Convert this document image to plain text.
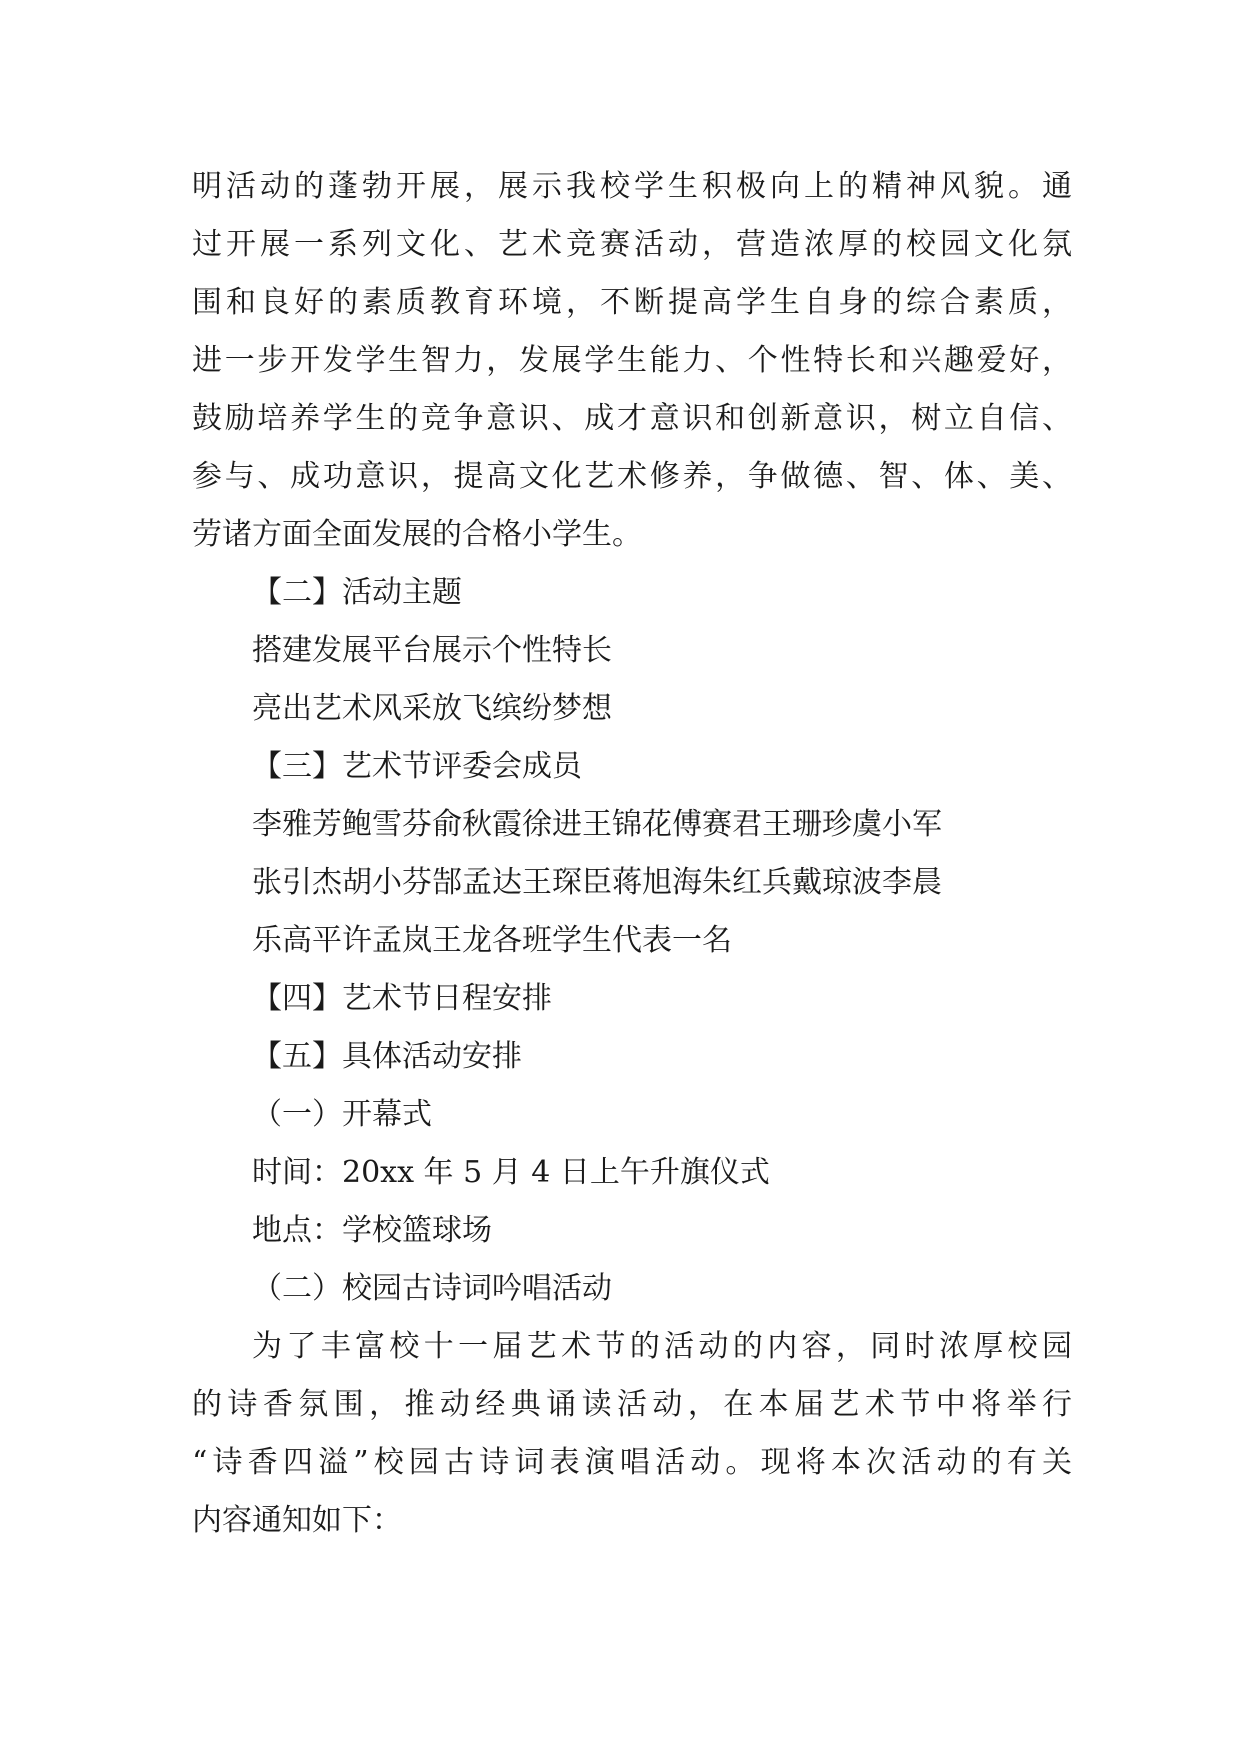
明活动的蓬勃开展，展示我校学生积极向上的精神风貌。通

过开展一系列文化、艺术竞赛活动，营造浓厚的校园文化氛

围和良好的素质教育环境，不断提高学生自身的综合素质，

进一步开发学生智力，发展学生能力、个性特长和兴趣爱好，

鼓励培养学生的竞争意识、成才意识和创新意识，树立自信、

参与、成功意识，提高文化艺术修养，争做德、智、体、美、

劳诸方面全面发展的合格小学生。

【二】活动主题

搭建发展平台展示个性特长

亮出艺术风采放飞缤纷梦想

【三】艺术节评委会成员

李雅芳鲍雪芬俞秋霞徐进王锦花傅赛君王珊珍虞小军

张引杰胡小芬郜孟达王琛臣蒋旭海朱红兵戴琼波李晨

乐高平许孟岚王龙各班学生代表一名

【四】艺术节日程安排

【五】具体活动安排

（一）开幕式

时间：20xx 年 5 月 4 日上午升旗仪式

地点：学校篮球场

（二）校园古诗词吟唱活动

为了丰富校十一届艺术节的活动的内容，同时浓厚校园

的诗香氛围，推动经典诵读活动，在本届艺术节中将举行

“诗香四溢”校园古诗词表演唱活动。现将本次活动的有关

内容通知如下：
